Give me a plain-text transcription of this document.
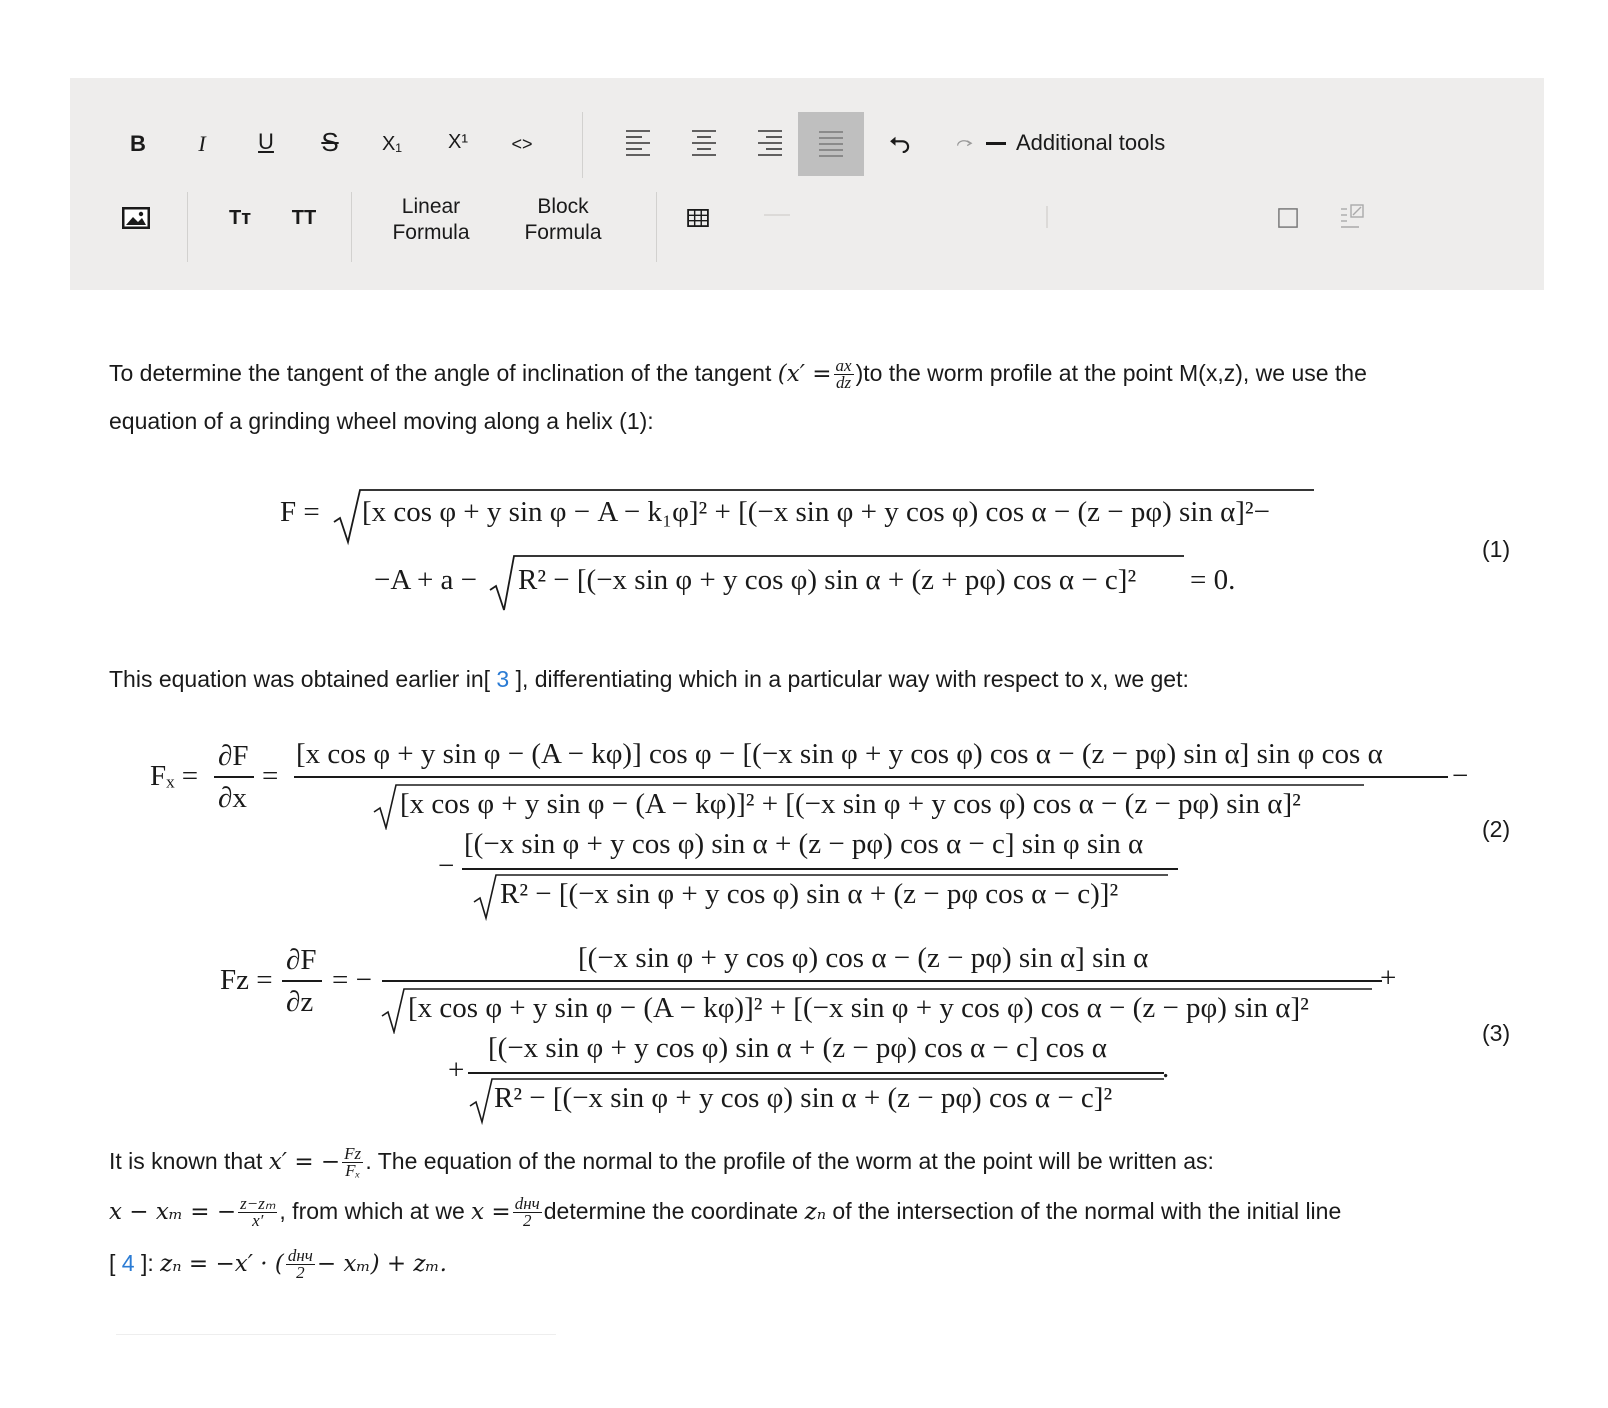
B	I	U	S	X₁	X¹	<>	Additional tools
Tᴛ	TT	Linear
Formula
Block
Formula
To determine the tangent of the angle of inclination of the tangent $(x' = \frac{ax}{dz} )to$ the worm profile at the point M(x,z), we use the
equation of a grinding wheel moving along a helix (1):
F = [x cos φ + y sin φ − A − k₁φ]² + [(−x sin φ + y cos φ) cos α − (z − pφ) sin α]²−
−A + a − R² − [(−x sin φ + y cos φ) sin α + (z + pφ) cos α − c]² = 0.
(1)
This equation was obtained earlier in[ 3 ], differentiating which in a particular way with respect to x, we get:
Fₓ =
∂F
∂x
=
[x cos φ + y sin φ − (A − kφ)] cos φ − [(−x sin φ + y cos φ) cos α − (z − pφ) sin α] sin φ cos α
−
[x cos φ + y sin φ − (A − kφ)]² + [(−x sin φ + y cos φ) cos α − (z − pφ) sin α]²
−
[(−x sin φ + y cos φ) sin α + (z − pφ) cos α − c] sin φ sin α
R² − [(−x sin φ + y cos φ) sin α + (z − pφ cos α − c)]²
(2)
Fᴢ =
∂F
∂z
= −
[(−x sin φ + y cos φ) cos α − (z − pφ) sin α] sin α
+
[x cos φ + y sin φ − (A − kφ)]² + [(−x sin φ + y cos φ) cos α − (z − pφ) sin α]²
+
[(−x sin φ + y cos φ) sin α + (z − pφ) cos α − c] cos α
.
R² − [(−x sin φ + y cos φ) sin α + (z − pφ) cos α − c]²
(3)
It is known that x′ = − $\frac{\text{Fᴢ}}{\text{Fₓ}}$ . The equation of the normal to the profile of the worm at the point will be written as:
x − xₘ = − $\frac{\text{z−zₘ}}{x'}$ , from which at we $x = \frac{\text{dнч}}{2}$ determine the coordinate zₙ of the intersection of the normal with the initial line
[ 4 ]: zₙ = −x′ · ( $\frac{\text{dнч}}{2} - x_m) + z_m$.
